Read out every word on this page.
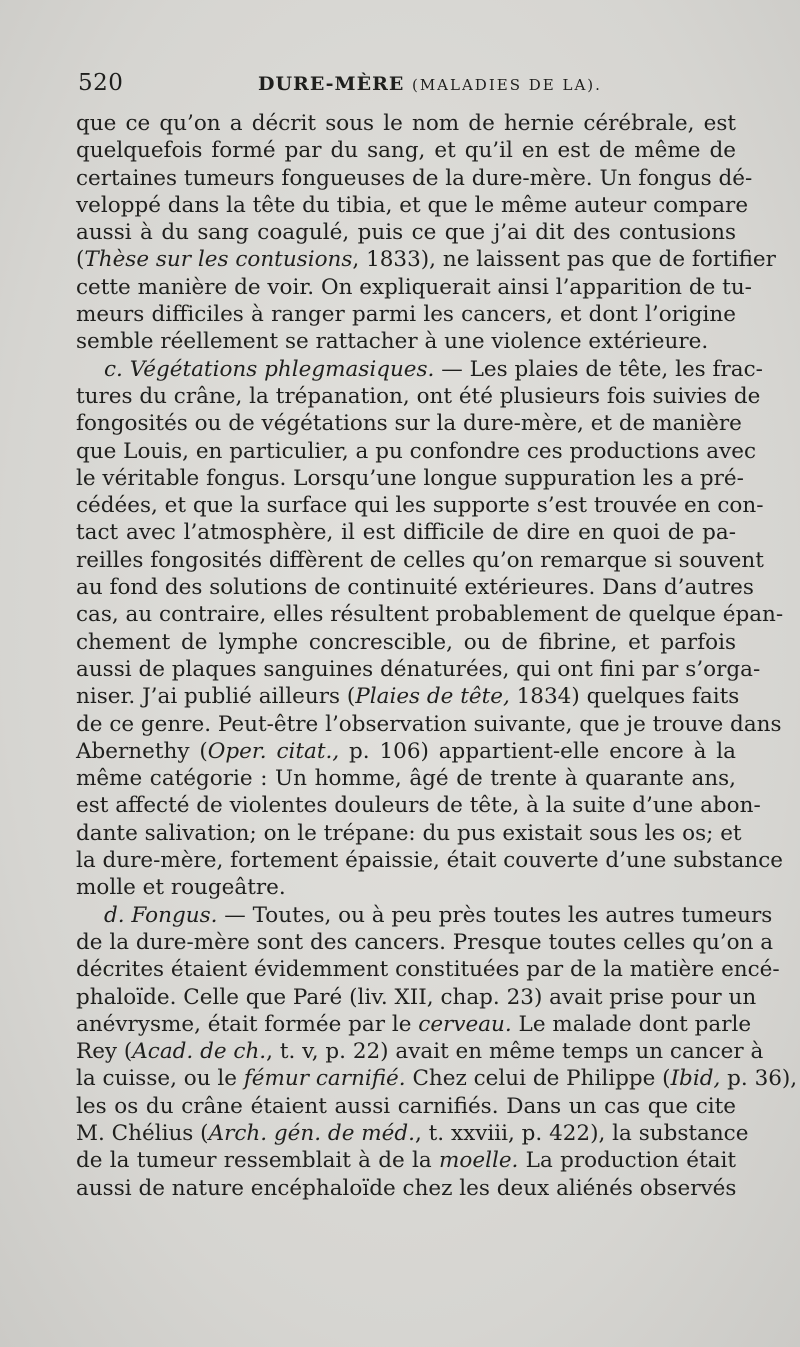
520	DURE-MÈRE (MALADIES DE LA).
que ce qu’on a décrit sous le nom de hernie cérébrale, est
quelquefois formé par du sang, et qu’il en est de même de
certaines tumeurs fongueuses de la dure-mère. Un fongus dé-
veloppé dans la tête du tibia, et que le même auteur compare
aussi à du sang coagulé, puis ce que j’ai dit des contusions
(Thèse sur les contusions, 1833), ne laissent pas que de fortifier
cette manière de voir. On expliquerait ainsi l’apparition de tu-
meurs difficiles à ranger parmi les cancers, et dont l’origine
semble réellement se rattacher à une violence extérieure.
c. Végétations phlegmasiques. — Les plaies de tête, les frac-
tures du crâne, la trépanation, ont été plusieurs fois suivies de
fongosités ou de végétations sur la dure-mère, et de manière
que Louis, en particulier, a pu confondre ces productions avec
le véritable fongus. Lorsqu’une longue suppuration les a pré-
cédées, et que la surface qui les supporte s’est trouvée en con-
tact avec l’atmosphère, il est difficile de dire en quoi de pa-
reilles fongosités diffèrent de celles qu’on remarque si souvent
au fond des solutions de continuité extérieures. Dans d’autres
cas, au contraire, elles résultent probablement de quelque épan-
chement de lymphe concrescible, ou de fibrine, et parfois
aussi de plaques sanguines dénaturées, qui ont fini par s’orga-
niser. J’ai publié ailleurs (Plaies de tête, 1834) quelques faits
de ce genre. Peut-être l’observation suivante, que je trouve dans
Abernethy (Oper. citat., p. 106) appartient-elle encore à la
même catégorie : Un homme, âgé de trente à quarante ans,
est affecté de violentes douleurs de tête, à la suite d’une abon-
dante salivation; on le trépane: du pus existait sous les os; et
la dure-mère, fortement épaissie, était couverte d’une substance
molle et rougeâtre.
d. Fongus. — Toutes, ou à peu près toutes les autres tumeurs
de la dure-mère sont des cancers. Presque toutes celles qu’on a
décrites étaient évidemment constituées par de la matière encé-
phaloïde. Celle que Paré (liv. XII, chap. 23) avait prise pour un
anévrysme, était formée par le cerveau. Le malade dont parle
Rey (Acad. de ch., t. v, p. 22) avait en même temps un cancer à
la cuisse, ou le fémur carnifié. Chez celui de Philippe (Ibid, p. 36),
les os du crâne étaient aussi carnifiés. Dans un cas que cite
M. Chélius (Arch. gén. de méd., t. xxviii, p. 422), la substance
de la tumeur ressemblait à de la moelle. La production était
aussi de nature encéphaloïde chez les deux aliénés observés
